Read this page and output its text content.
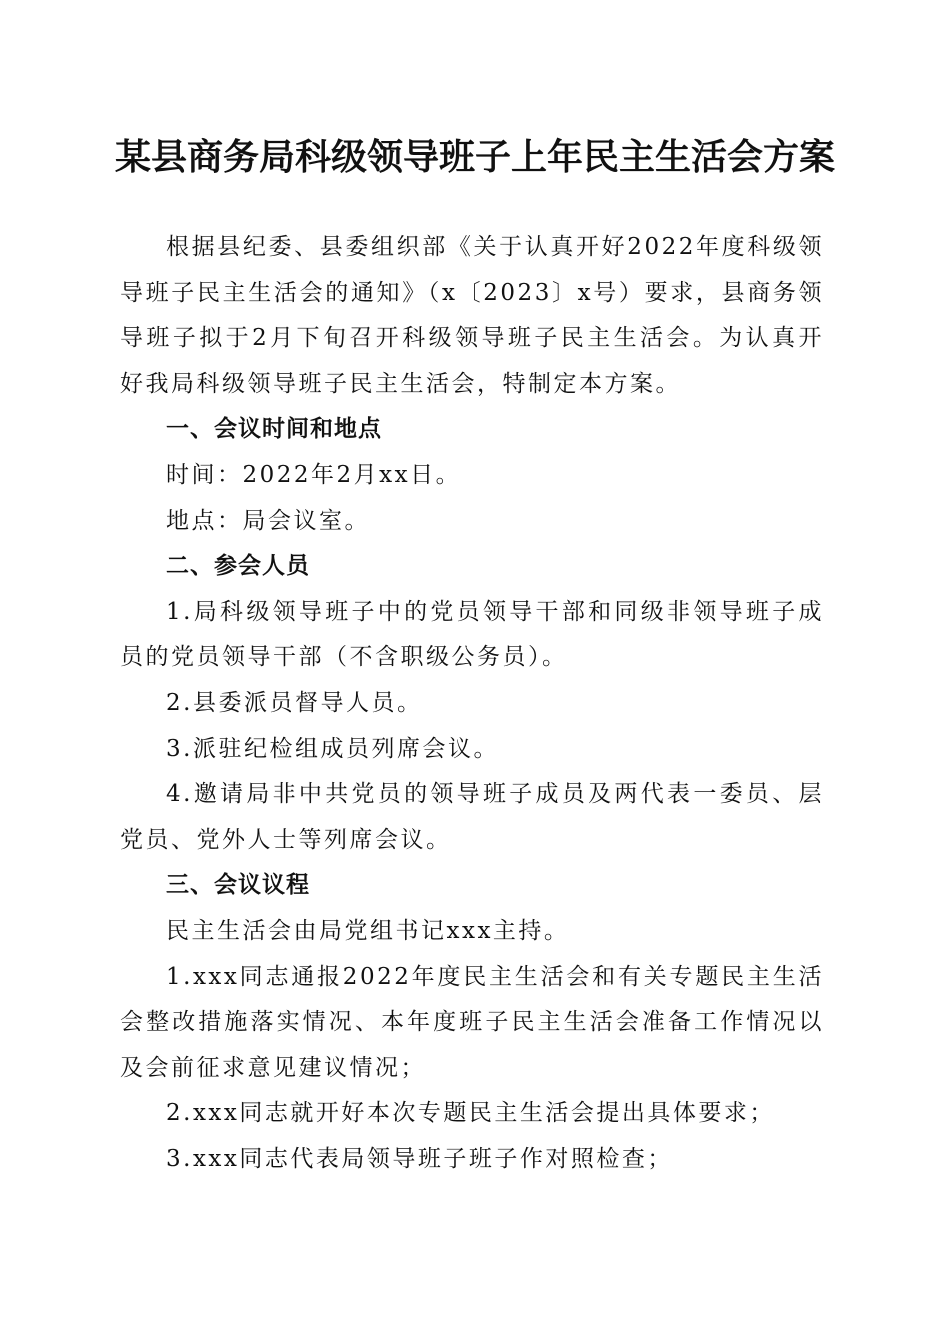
某县商务局科级领导班子上年民主生活会方案

根据县纪委、县委组织部《关于认真开好2022年度科级领导班子民主生活会的通知》（x〔2023〕x号）要求，县商务领导班子拟于2月下旬召开科级领导班子民主生活会。为认真开好我局科级领导班子民主生活会，特制定本方案。

一、会议时间和地点

时间：2022年2月xx日。

地点：局会议室。

二、参会人员

1.局科级领导班子中的党员领导干部和同级非领导班子成员的党员领导干部（不含职级公务员）。

2.县委派员督导人员。

3.派驻纪检组成员列席会议。

4.邀请局非中共党员的领导班子成员及两代表一委员、层党员、党外人士等列席会议。

三、会议议程

民主生活会由局党组书记xxx主持。

1.xxx同志通报2022年度民主生活会和有关专题民主生活会整改措施落实情况、本年度班子民主生活会准备工作情况以及会前征求意见建议情况；

2.xxx同志就开好本次专题民主生活会提出具体要求；

3.xxx同志代表局领导班子班子作对照检查；
